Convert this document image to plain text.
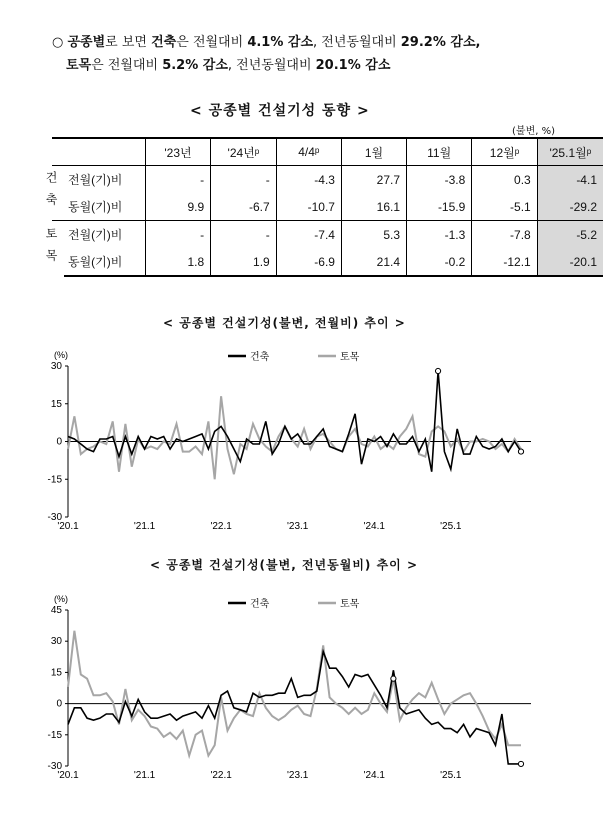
○ 공종별로 보면 건축은 전월대비 4.1% 감소, 전년동월대비 29.2% 감소,
토목은 전월대비 5.2% 감소, 전년동월대비 20.1% 감소
< 공종별 건설기성 동향 >
(불변, %)
		'23년	'24년ᵖ	4/4ᵖ	1월	11월	12월ᵖ	'25.1월ᵖ

건축	전월(기)비	-	-	-4.3	27.7	-3.8	0.3	-4.1
	동월(기)비	9.9	-6.7	-10.7	16.1	-15.9	-5.1	-29.2

토목	전월(기)비	-	-	-7.4	5.3	-1.3	-7.8	-5.2
	동월(기)비	1.8	1.9	-6.9	21.4	-0.2	-12.1	-20.1
< 공종별 건설기성(불변, 전월비) 추이 >
(%)
30
15
0
-15
-30
'20.1	'21.1	'22.1	'23.1	'24.1	'25.1
건축	토목
< 공종별 건설기성(불변, 전년동월비) 추이 >
(%)
45
30
15
0
-15
-30
'20.1	'21.1	'22.1	'23.1	'24.1	'25.1
건축	토목
